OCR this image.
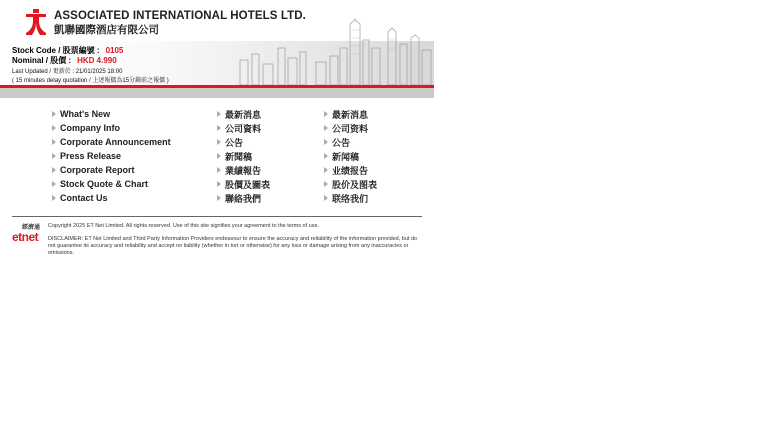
ASSOCIATED INTERNATIONAL HOTELS LTD.
凱聯國際酒店有限公司
Stock Code / 股票編號 : 0105
Nominal / 股價 : HKD 4.990
Last Updated / 更新於 : 21/01/2025 18:00
( 15 minutes delay quotation / 上述報價為15分鐘前之報價 )
What's New
Company Info
Corporate Announcement
Press Release
Corporate Report
Stock Quote & Chart
Contact Us
最新消息
公司資料
公告
新聞稿
業績報告
股價及圖表
聯絡我們
最新消息
公司资料
公告
新闻稿
业绩报告
股价及图表
联络我们
經濟通
etnet
Copyright 2025 ET Net Limited. All rights reserved. Use of this site signifies your agreement to the terms of use.
DISCLAIMER: ET Net Limited and Third Party Information Providers endeavour to ensure the accuracy and reliability of the information provided, but do not guarantee its accuracy and reliability and accept no liability (whether in tort or otherwise) for any loss or damage arising from any inaccuracies or omissions.
